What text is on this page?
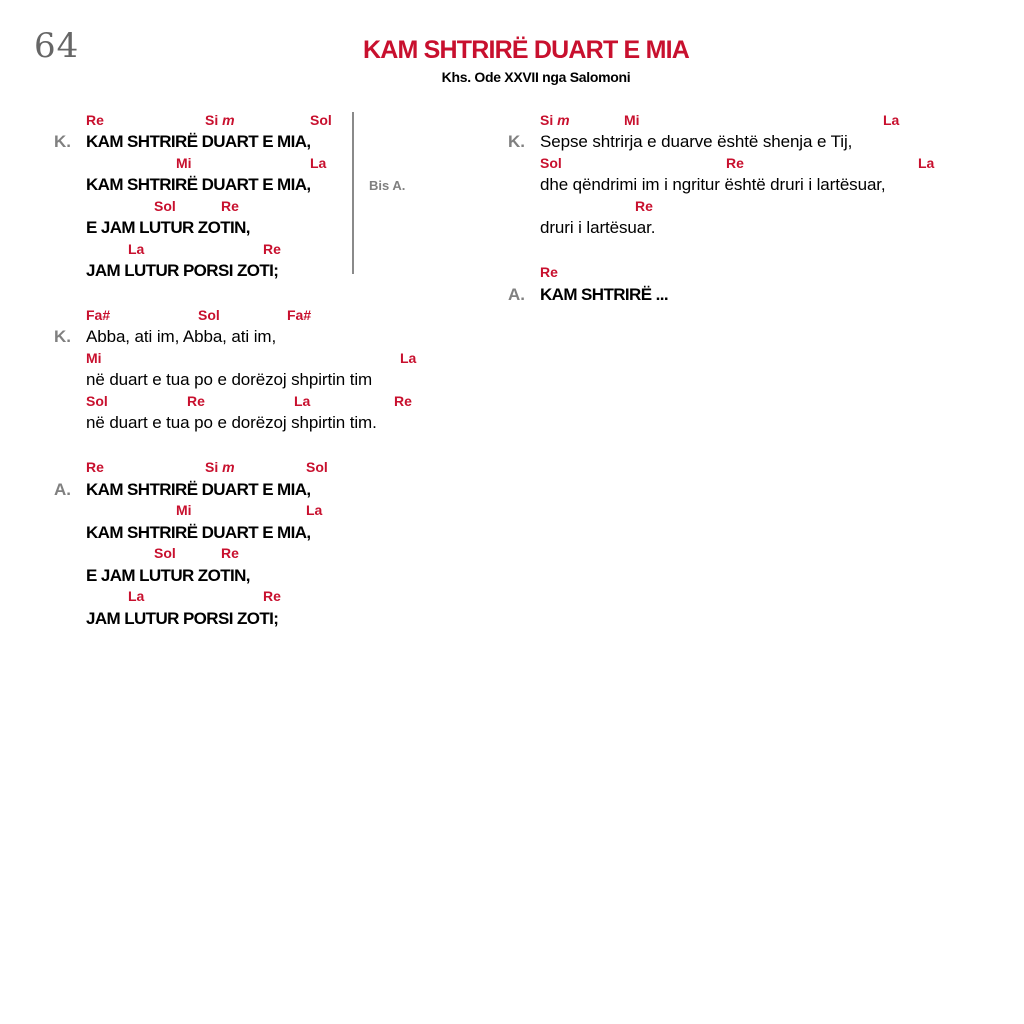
64	KAM SHTRIRË DUART E MIA
Khs. Ode XXVII nga Salomoni
Bis A.
Re	Si m	Sol
K. KAM SHTRIRË DUART E MIA,
Mi	La
KAM SHTRIRË DUART E MIA,
Sol	Re
E JAM LUTUR ZOTIN,
La	Re
JAM LUTUR PORSI ZOTI;
Fa#	Sol	Fa#
K. Abba, ati im, Abba, ati im,
Mi	La
në duart e tua po e dorëzoj shpirtin tim
Sol	Re	La	Re
në duart e tua po e dorëzoj shpirtin tim.
Re	Si m	Sol
A. KAM SHTRIRË DUART E MIA,
Mi	La
KAM SHTRIRË DUART E MIA,
Sol	Re
E JAM LUTUR ZOTIN,
La	Re
JAM LUTUR PORSI ZOTI;
Si m	Mi	La
K. Sepse shtrirja e duarve është shenja e Tij,
Sol	Re	La
dhe qëndrimi im i ngritur është druri i lartësuar,
Re
druri i lartësuar.
Re
A. KAM SHTRIRË ...
